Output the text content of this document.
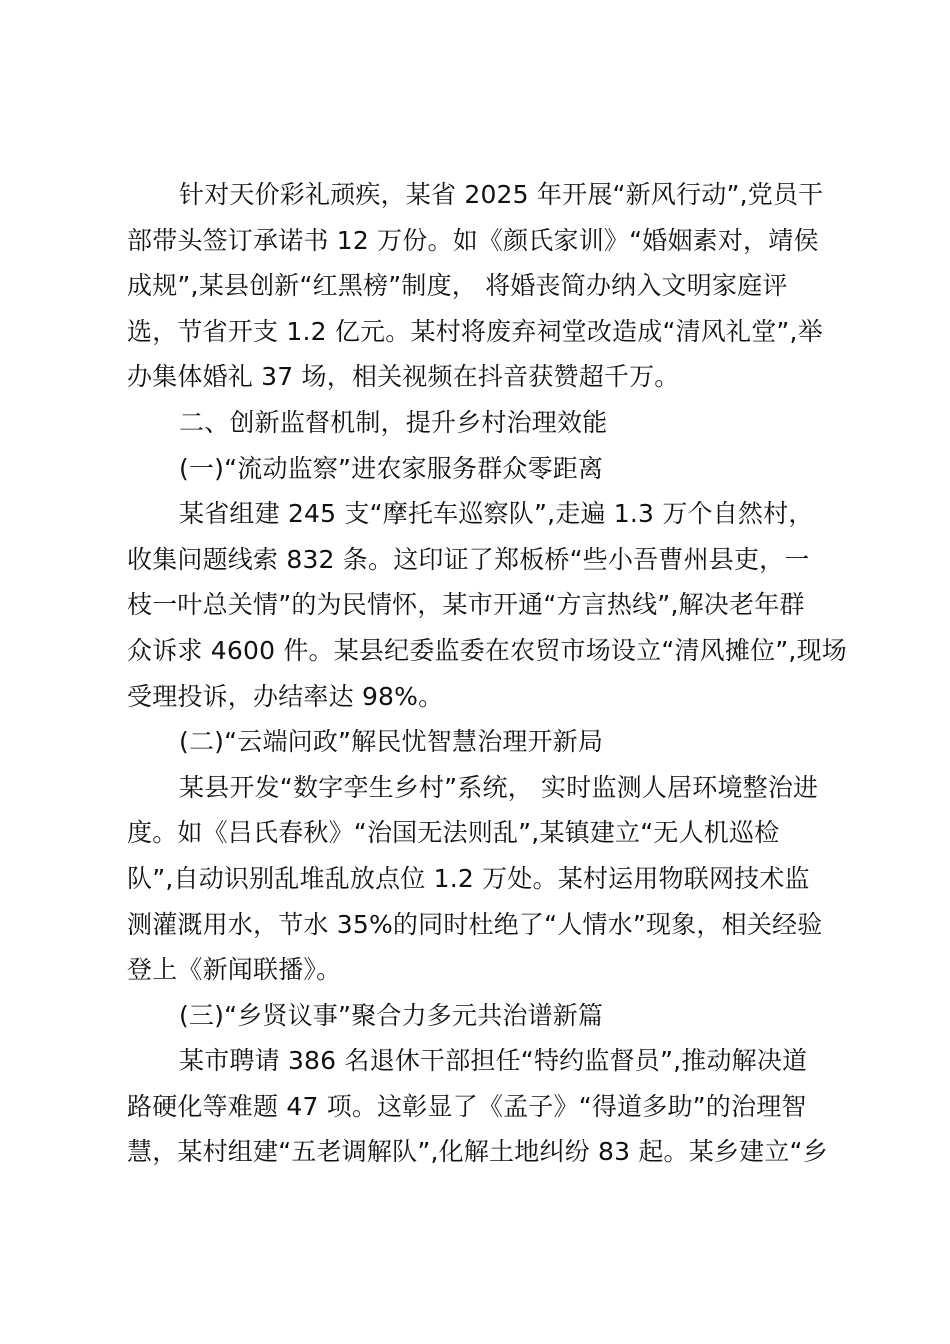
针对天价彩礼顽疾，某省 2025 年开展“新风行动”,党员干
部带头签订承诺书 12 万份。如《颜氏家训》“婚姻素对，靖侯
成规”,某县创新“红黑榜”制度， 将婚丧简办纳入文明家庭评
选，节省开支 1.2 亿元。某村将废弃祠堂改造成“清风礼堂”,举
办集体婚礼 37 场，相关视频在抖音获赞超千万。
二、创新监督机制，提升乡村治理效能
(一)“流动监察”进农家服务群众零距离
某省组建 245 支“摩托车巡察队”,走遍 1.3 万个自然村，
收集问题线索 832 条。这印证了郑板桥“些小吾曹州县吏，一
枝一叶总关情”的为民情怀，某市开通“方言热线”,解决老年群
众诉求 4600 件。某县纪委监委在农贸市场设立“清风摊位”,现场
受理投诉，办结率达 98%。
(二)“云端问政”解民忧智慧治理开新局
某县开发“数字孪生乡村”系统， 实时监测人居环境整治进
度。如《吕氏春秋》“治国无法则乱”,某镇建立“无人机巡检
队”,自动识别乱堆乱放点位 1.2 万处。某村运用物联网技术监
测灌溉用水，节水 35%的同时杜绝了“人情水”现象，相关经验
登上《新闻联播》。
(三)“乡贤议事”聚合力多元共治谱新篇
某市聘请 386 名退休干部担任“特约监督员”,推动解决道
路硬化等难题 47 项。这彰显了《孟子》“得道多助”的治理智
慧，某村组建“五老调解队”,化解土地纠纷 83 起。某乡建立“乡
